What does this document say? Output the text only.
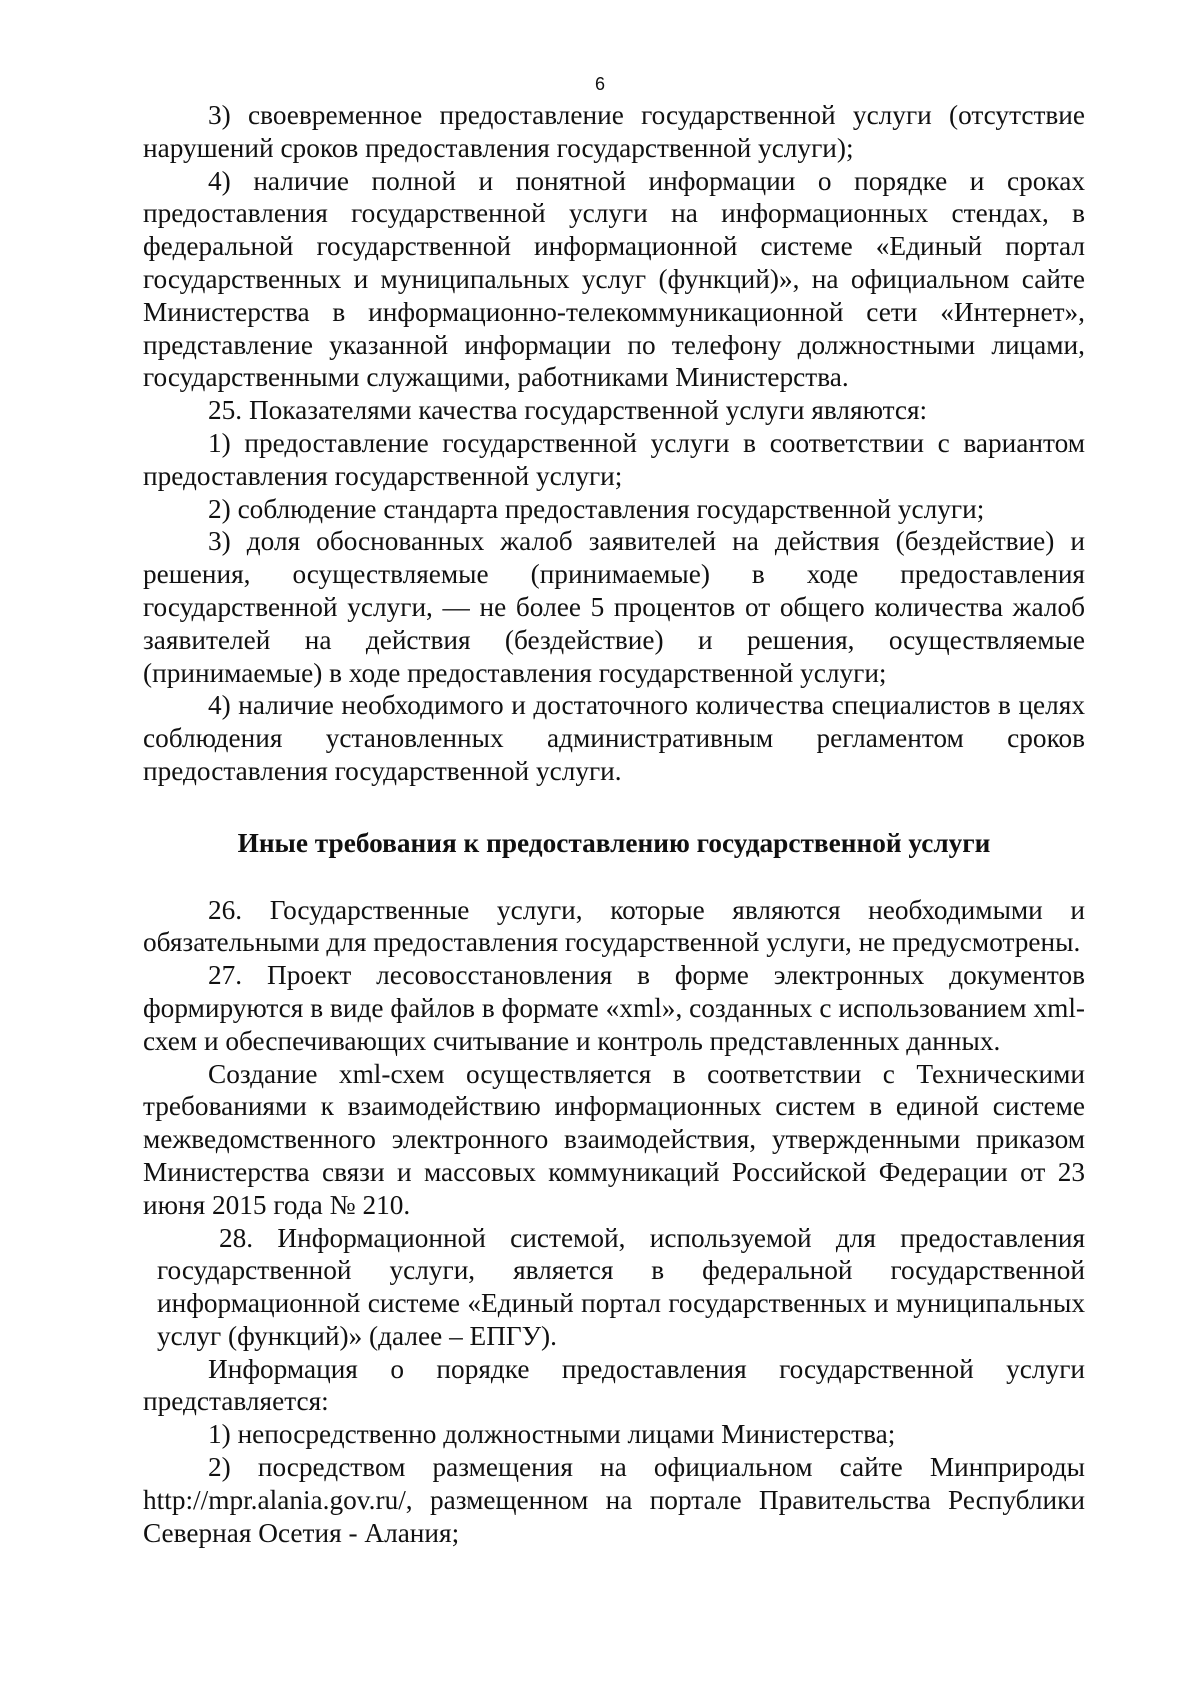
6

3) своевременное предоставление государственной услуги (отсутствие нарушений сроков предоставления государственной услуги);

4) наличие полной и понятной информации о порядке и сроках предоставления государственной услуги на информационных стендах, в федеральной государственной информационной системе «Единый портал государственных и муниципальных услуг (функций)», на официальном сайте Министерства в информационно-телекоммуникационной сети «Интернет», представление указанной информации по телефону должностными лицами, государственными служащими, работниками Министерства.

25. Показателями качества государственной услуги являются:

1) предоставление государственной услуги в соответствии с вариантом предоставления государственной услуги;

2) соблюдение стандарта предоставления государственной услуги;

3) доля обоснованных жалоб заявителей на действия (бездействие) и решения, осуществляемые (принимаемые) в ходе предоставления государственной услуги, — не более 5 процентов от общего количества жалоб заявителей на действия (бездействие) и решения, осуществляемые (принимаемые) в ходе предоставления государственной услуги;

4) наличие необходимого и достаточного количества специалистов в целях соблюдения установленных административным регламентом сроков предоставления государственной услуги.

Иные требования к предоставлению государственной услуги

26. Государственные услуги, которые являются необходимыми и обязательными для предоставления государственной услуги, не предусмотрены.

27. Проект лесовосстановления в форме электронных документов формируются в виде файлов в формате «xml», созданных с использованием xml-схем и обеспечивающих считывание и контроль представленных данных.

Создание xml-схем осуществляется в соответствии с Техническими требованиями к взаимодействию информационных систем в единой системе межведомственного электронного взаимодействия, утвержденными приказом Министерства связи и массовых коммуникаций Российской Федерации от 23 июня 2015 года № 210.

28. Информационной системой, используемой для предоставления государственной услуги, является в федеральной государственной информационной системе «Единый портал государственных и муниципальных услуг (функций)» (далее – ЕПГУ).

Информация о порядке предоставления государственной услуги представляется:

1) непосредственно должностными лицами Министерства;

2) посредством размещения на официальном сайте Минприроды http://mpr.alania.gov.ru/, размещенном на портале Правительства Республики Северная Осетия - Алания;
